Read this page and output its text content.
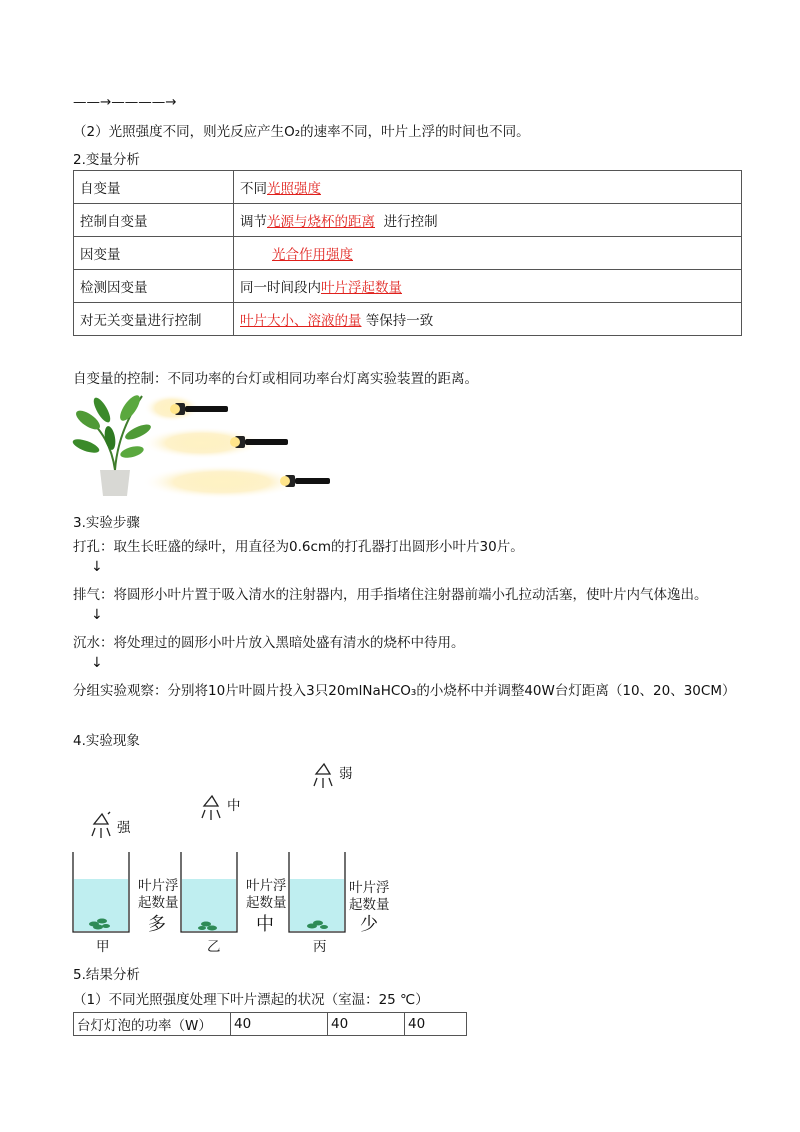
——→————→
（2）光照强度不同，则光反应产生O₂的速率不同，叶片上浮的时间也不同。
2.变量分析
自变量	不同光照强度
控制自变量	调节光源与烧杯的距离 进行控制
因变量	光合作用强度
检测因变量	同一时间段内叶片浮起数量
对无关变量进行控制	叶片大小、溶液的量 等保持一致
自变量的控制：不同功率的台灯或相同功率台灯离实验装置的距离。
3.实验步骤
打孔：取生长旺盛的绿叶，用直径为0.6cm的打孔器打出圆形小叶片30片。
↓
排气：将圆形小叶片置于吸入清水的注射器内，用手指堵住注射器前端小孔拉动活塞，使叶片内气体逸出。
↓
沉水：将处理过的圆形小叶片放入黑暗处盛有清水的烧杯中待用。
↓
分组实验观察：分别将10片叶圆片投入3只20mlNaHCO₃的小烧杯中并调整40W台灯距离（10、20、30CM）
4.实验现象
强
中
弱
叶片浮
起数量
叶片浮
起数量
叶片浮
起数量
多	中	少
甲	乙	丙
5.结果分析
（1）不同光照强度处理下叶片漂起的状况（室温：25 ℃）
台灯灯泡的功率（W）	40	40	40
